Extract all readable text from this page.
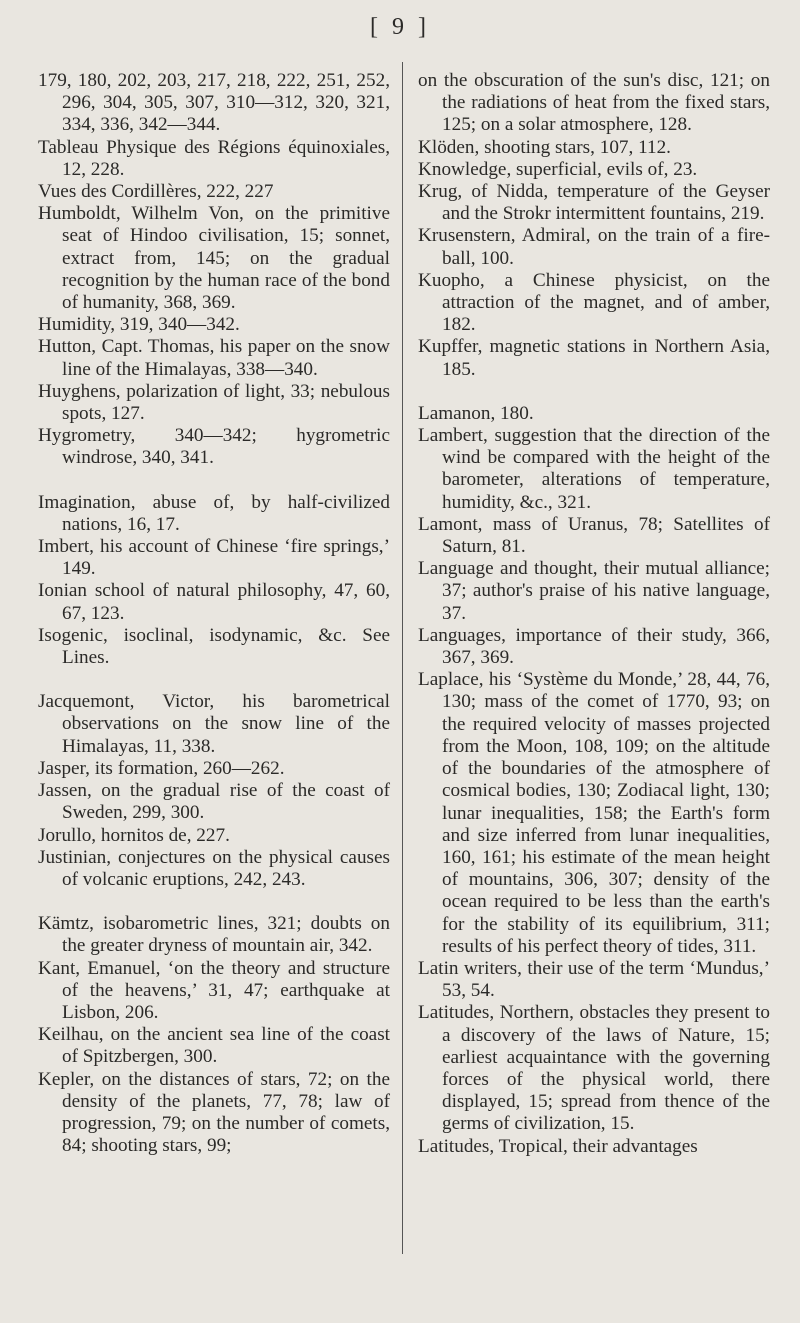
[ 9 ]

179, 180, 202, 203, 217, 218, 222, 251, 252, 296, 304, 305, 307, 310—312, 320, 321, 334, 336, 342—344.

Tableau Physique des Régions équinoxiales, 12, 228.

Vues des Cordillères, 222, 227

Humboldt, Wilhelm Von, on the primitive seat of Hindoo civilisation, 15; sonnet, extract from, 145; on the gradual recognition by the human race of the bond of humanity, 368, 369.

Humidity, 319, 340—342.

Hutton, Capt. Thomas, his paper on the snow line of the Himalayas, 338—340.

Huyghens, polarization of light, 33; nebulous spots, 127.

Hygrometry, 340—342; hygrometric windrose, 340, 341.

Imagination, abuse of, by half-civilized nations, 16, 17.

Imbert, his account of Chinese ‘fire springs,’ 149.

Ionian school of natural philosophy, 47, 60, 67, 123.

Isogenic, isoclinal, isodynamic, &c. See Lines.

Jacquemont, Victor, his barometrical observations on the snow line of the Himalayas, 11, 338.

Jasper, its formation, 260—262.

Jassen, on the gradual rise of the coast of Sweden, 299, 300.

Jorullo, hornitos de, 227.

Justinian, conjectures on the physical causes of volcanic eruptions, 242, 243.

Kämtz, isobarometric lines, 321; doubts on the greater dryness of mountain air, 342.

Kant, Emanuel, ‘on the theory and structure of the heavens,’ 31, 47; earthquake at Lisbon, 206.

Keilhau, on the ancient sea line of the coast of Spitzbergen, 300.

Kepler, on the distances of stars, 72; on the density of the planets, 77, 78; law of progression, 79; on the number of comets, 84; shooting stars, 99;

on the obscuration of the sun's disc, 121; on the radiations of heat from the fixed stars, 125; on a solar atmosphere, 128.

Klöden, shooting stars, 107, 112.

Knowledge, superficial, evils of, 23.

Krug, of Nidda, temperature of the Geyser and the Strokr intermittent fountains, 219.

Krusenstern, Admiral, on the train of a fire-ball, 100.

Kuopho, a Chinese physicist, on the attraction of the magnet, and of amber, 182.

Kupffer, magnetic stations in Northern Asia, 185.

Lamanon, 180.

Lambert, suggestion that the direction of the wind be compared with the height of the barometer, alterations of temperature, humidity, &c., 321.

Lamont, mass of Uranus, 78; Satellites of Saturn, 81.

Language and thought, their mutual alliance; 37; author's praise of his native language, 37.

Languages, importance of their study, 366, 367, 369.

Laplace, his ‘Système du Monde,’ 28, 44, 76, 130; mass of the comet of 1770, 93; on the required velocity of masses projected from the Moon, 108, 109; on the altitude of the boundaries of the atmosphere of cosmical bodies, 130; Zodiacal light, 130; lunar inequalities, 158; the Earth's form and size inferred from lunar inequalities, 160, 161; his estimate of the mean height of mountains, 306, 307; density of the ocean required to be less than the earth's for the stability of its equilibrium, 311; results of his perfect theory of tides, 311.

Latin writers, their use of the term ‘Mundus,’ 53, 54.

Latitudes, Northern, obstacles they present to a discovery of the laws of Nature, 15; earliest acquaintance with the governing forces of the physical world, there displayed, 15; spread from thence of the germs of civilization, 15.

Latitudes, Tropical, their advantages
